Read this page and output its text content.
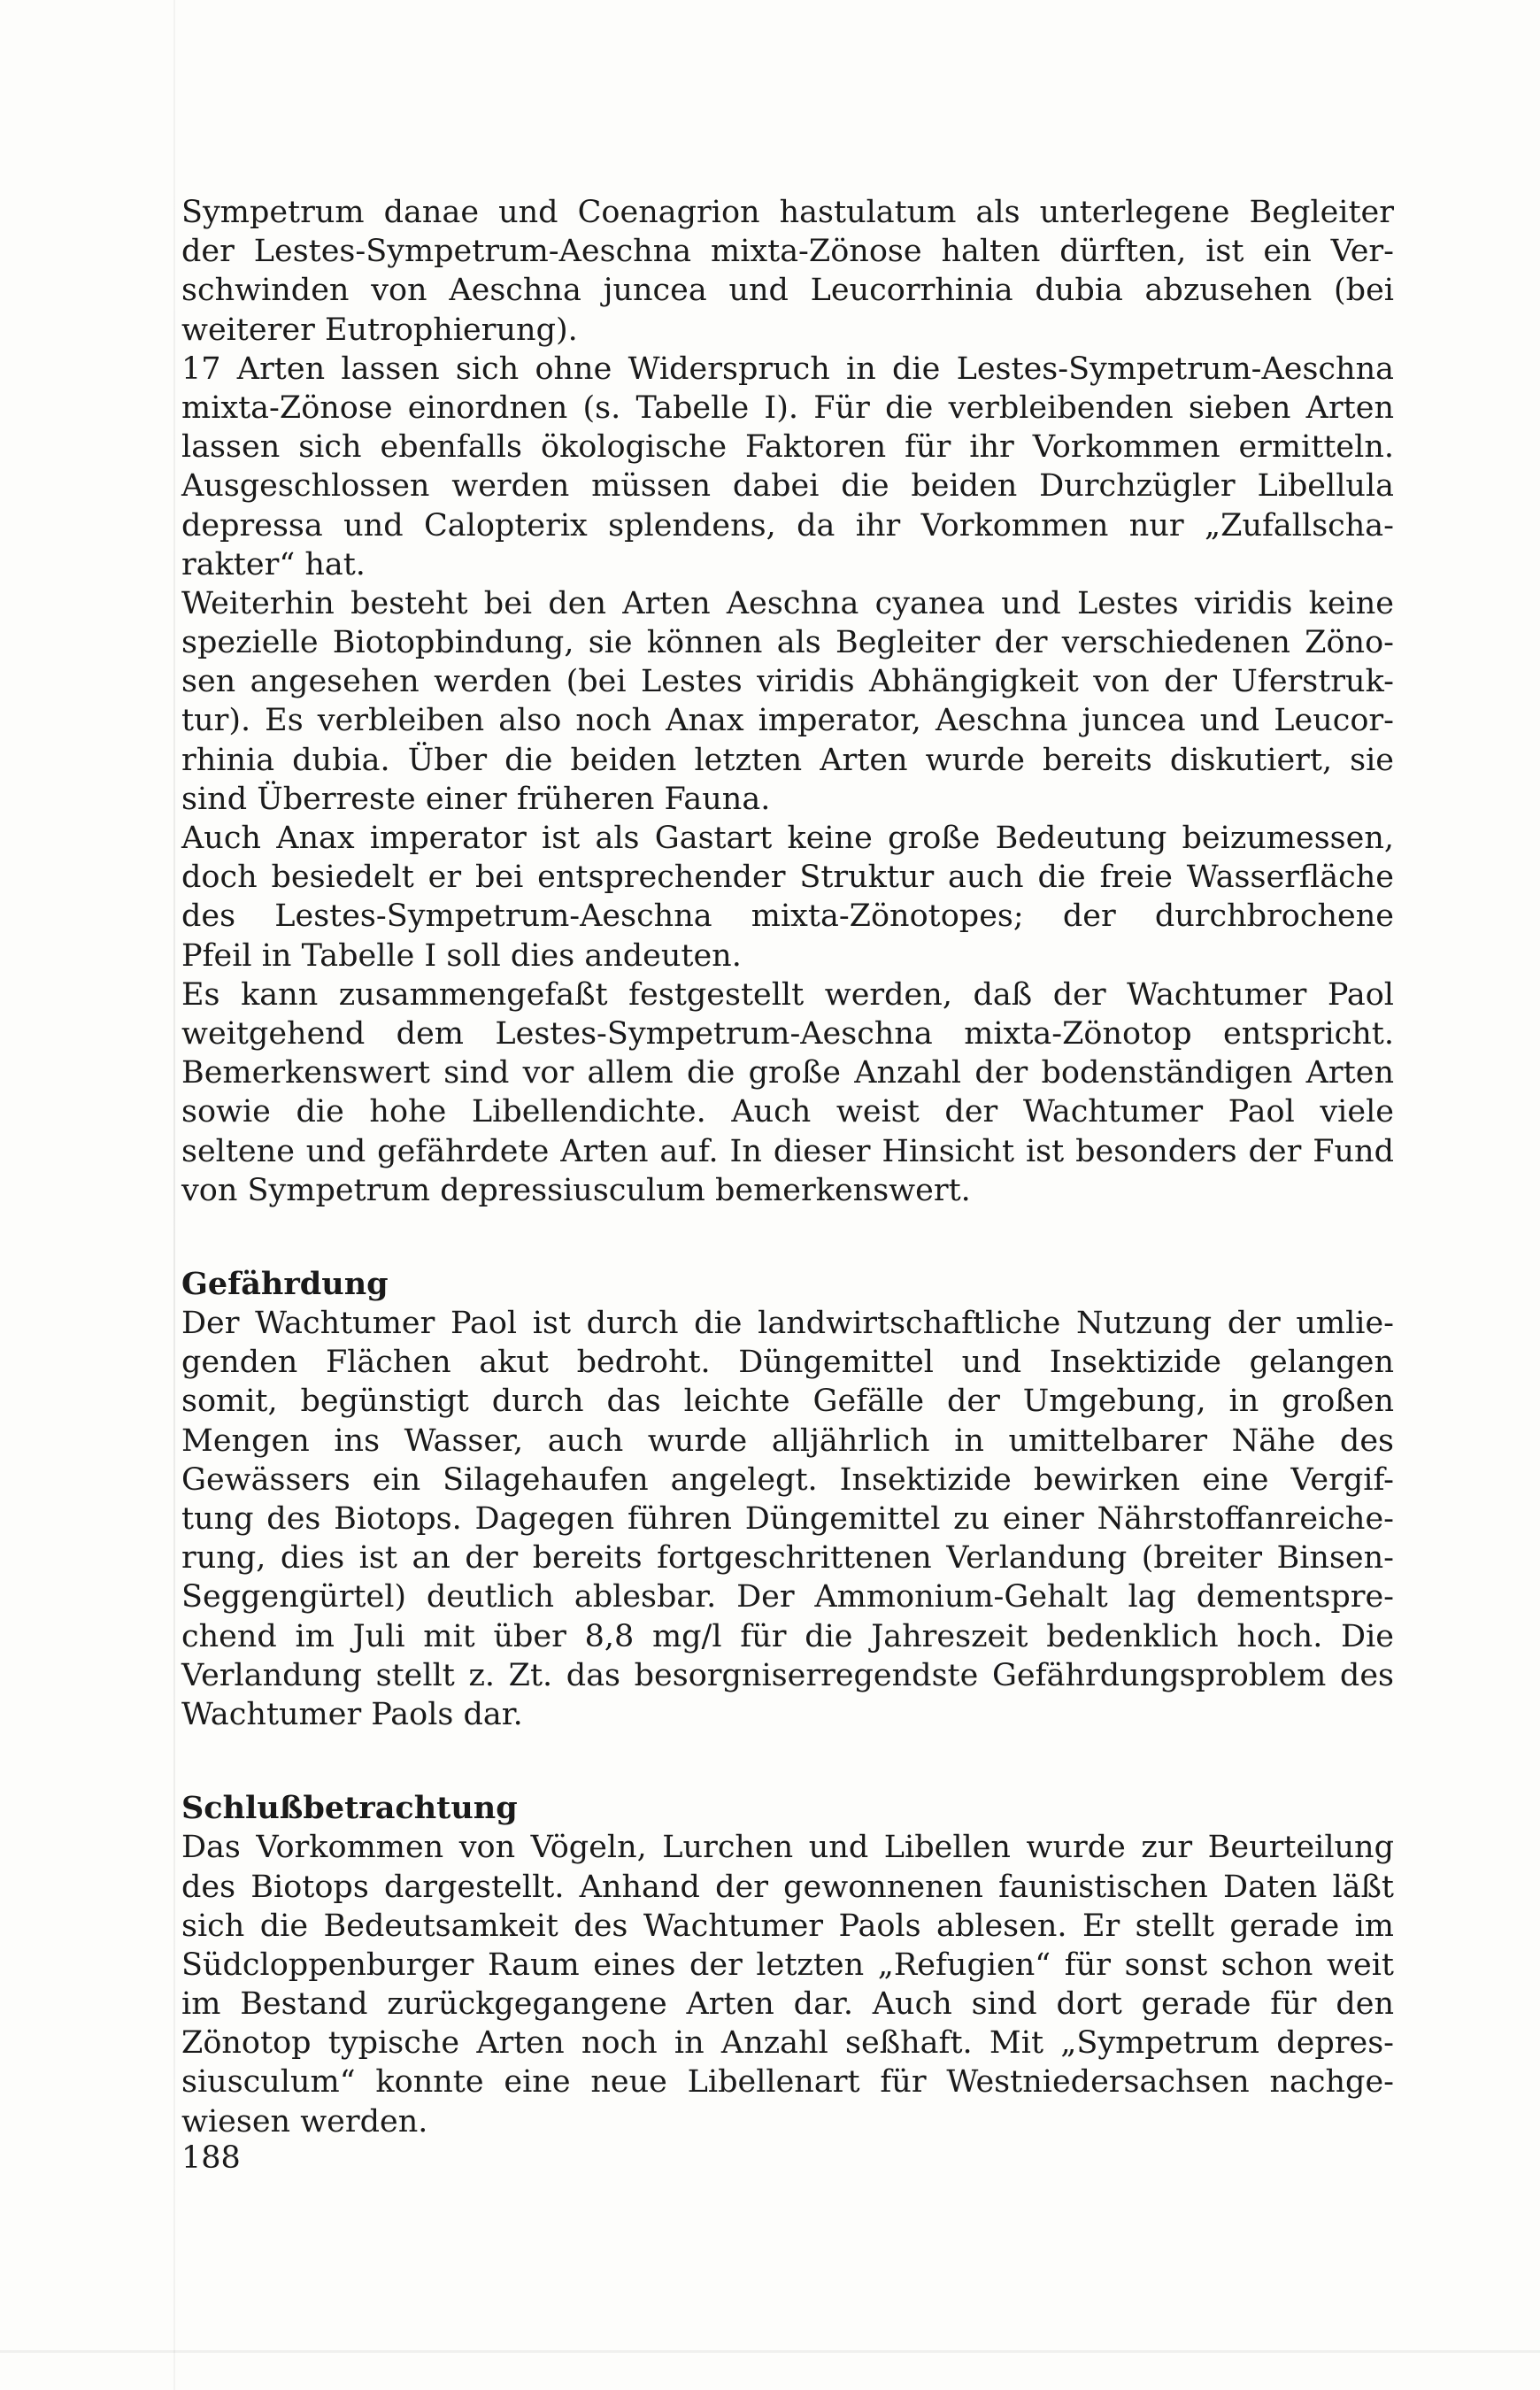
Sympetrum danae und Coenagrion hastulatum als unterlegene Begleiter
der Lestes-Sympetrum-Aeschna mixta-Zönose halten dürften, ist ein Ver-
schwinden von Aeschna juncea und Leucorrhinia dubia abzusehen (bei
weiterer Eutrophierung).
17 Arten lassen sich ohne Widerspruch in die Lestes-Sympetrum-Aeschna
mixta-Zönose einordnen (s. Tabelle I). Für die verbleibenden sieben Arten
lassen sich ebenfalls ökologische Faktoren für ihr Vorkommen ermitteln.
Ausgeschlossen werden müssen dabei die beiden Durchzügler Libellula
depressa und Calopterix splendens, da ihr Vorkommen nur „Zufallscha-
rakter“ hat.
Weiterhin besteht bei den Arten Aeschna cyanea und Lestes viridis keine
spezielle Biotopbindung, sie können als Begleiter der verschiedenen Zöno-
sen angesehen werden (bei Lestes viridis Abhängigkeit von der Uferstruk-
tur). Es verbleiben also noch Anax imperator, Aeschna juncea und Leucor-
rhinia dubia. Über die beiden letzten Arten wurde bereits diskutiert, sie
sind Überreste einer früheren Fauna.
Auch Anax imperator ist als Gastart keine große Bedeutung beizumessen,
doch besiedelt er bei entsprechender Struktur auch die freie Wasserfläche
des Lestes-Sympetrum-Aeschna mixta-Zönotopes; der durchbrochene
Pfeil in Tabelle I soll dies andeuten.
Es kann zusammengefaßt festgestellt werden, daß der Wachtumer Paol
weitgehend dem Lestes-Sympetrum-Aeschna mixta-Zönotop entspricht.
Bemerkenswert sind vor allem die große Anzahl der bodenständigen Arten
sowie die hohe Libellendichte. Auch weist der Wachtumer Paol viele
seltene und gefährdete Arten auf. In dieser Hinsicht ist besonders der Fund
von Sympetrum depressiusculum bemerkenswert.
Gefährdung
Der Wachtumer Paol ist durch die landwirtschaftliche Nutzung der umlie-
genden Flächen akut bedroht. Düngemittel und Insektizide gelangen
somit, begünstigt durch das leichte Gefälle der Umgebung, in großen
Mengen ins Wasser, auch wurde alljährlich in umittelbarer Nähe des
Gewässers ein Silagehaufen angelegt. Insektizide bewirken eine Vergif-
tung des Biotops. Dagegen führen Düngemittel zu einer Nährstoffanreiche-
rung, dies ist an der bereits fortgeschrittenen Verlandung (breiter Binsen-
Seggengürtel) deutlich ablesbar. Der Ammonium-Gehalt lag dementspre-
chend im Juli mit über 8,8 mg/l für die Jahreszeit bedenklich hoch. Die
Verlandung stellt z. Zt. das besorgniserregendste Gefährdungsproblem des
Wachtumer Paols dar.
Schlußbetrachtung
Das Vorkommen von Vögeln, Lurchen und Libellen wurde zur Beurteilung
des Biotops dargestellt. Anhand der gewonnenen faunistischen Daten läßt
sich die Bedeutsamkeit des Wachtumer Paols ablesen. Er stellt gerade im
Südcloppenburger Raum eines der letzten „Refugien“ für sonst schon weit
im Bestand zurückgegangene Arten dar. Auch sind dort gerade für den
Zönotop typische Arten noch in Anzahl seßhaft. Mit „Sympetrum depres-
siusculum“ konnte eine neue Libellenart für Westniedersachsen nachge-
wiesen werden.
188
